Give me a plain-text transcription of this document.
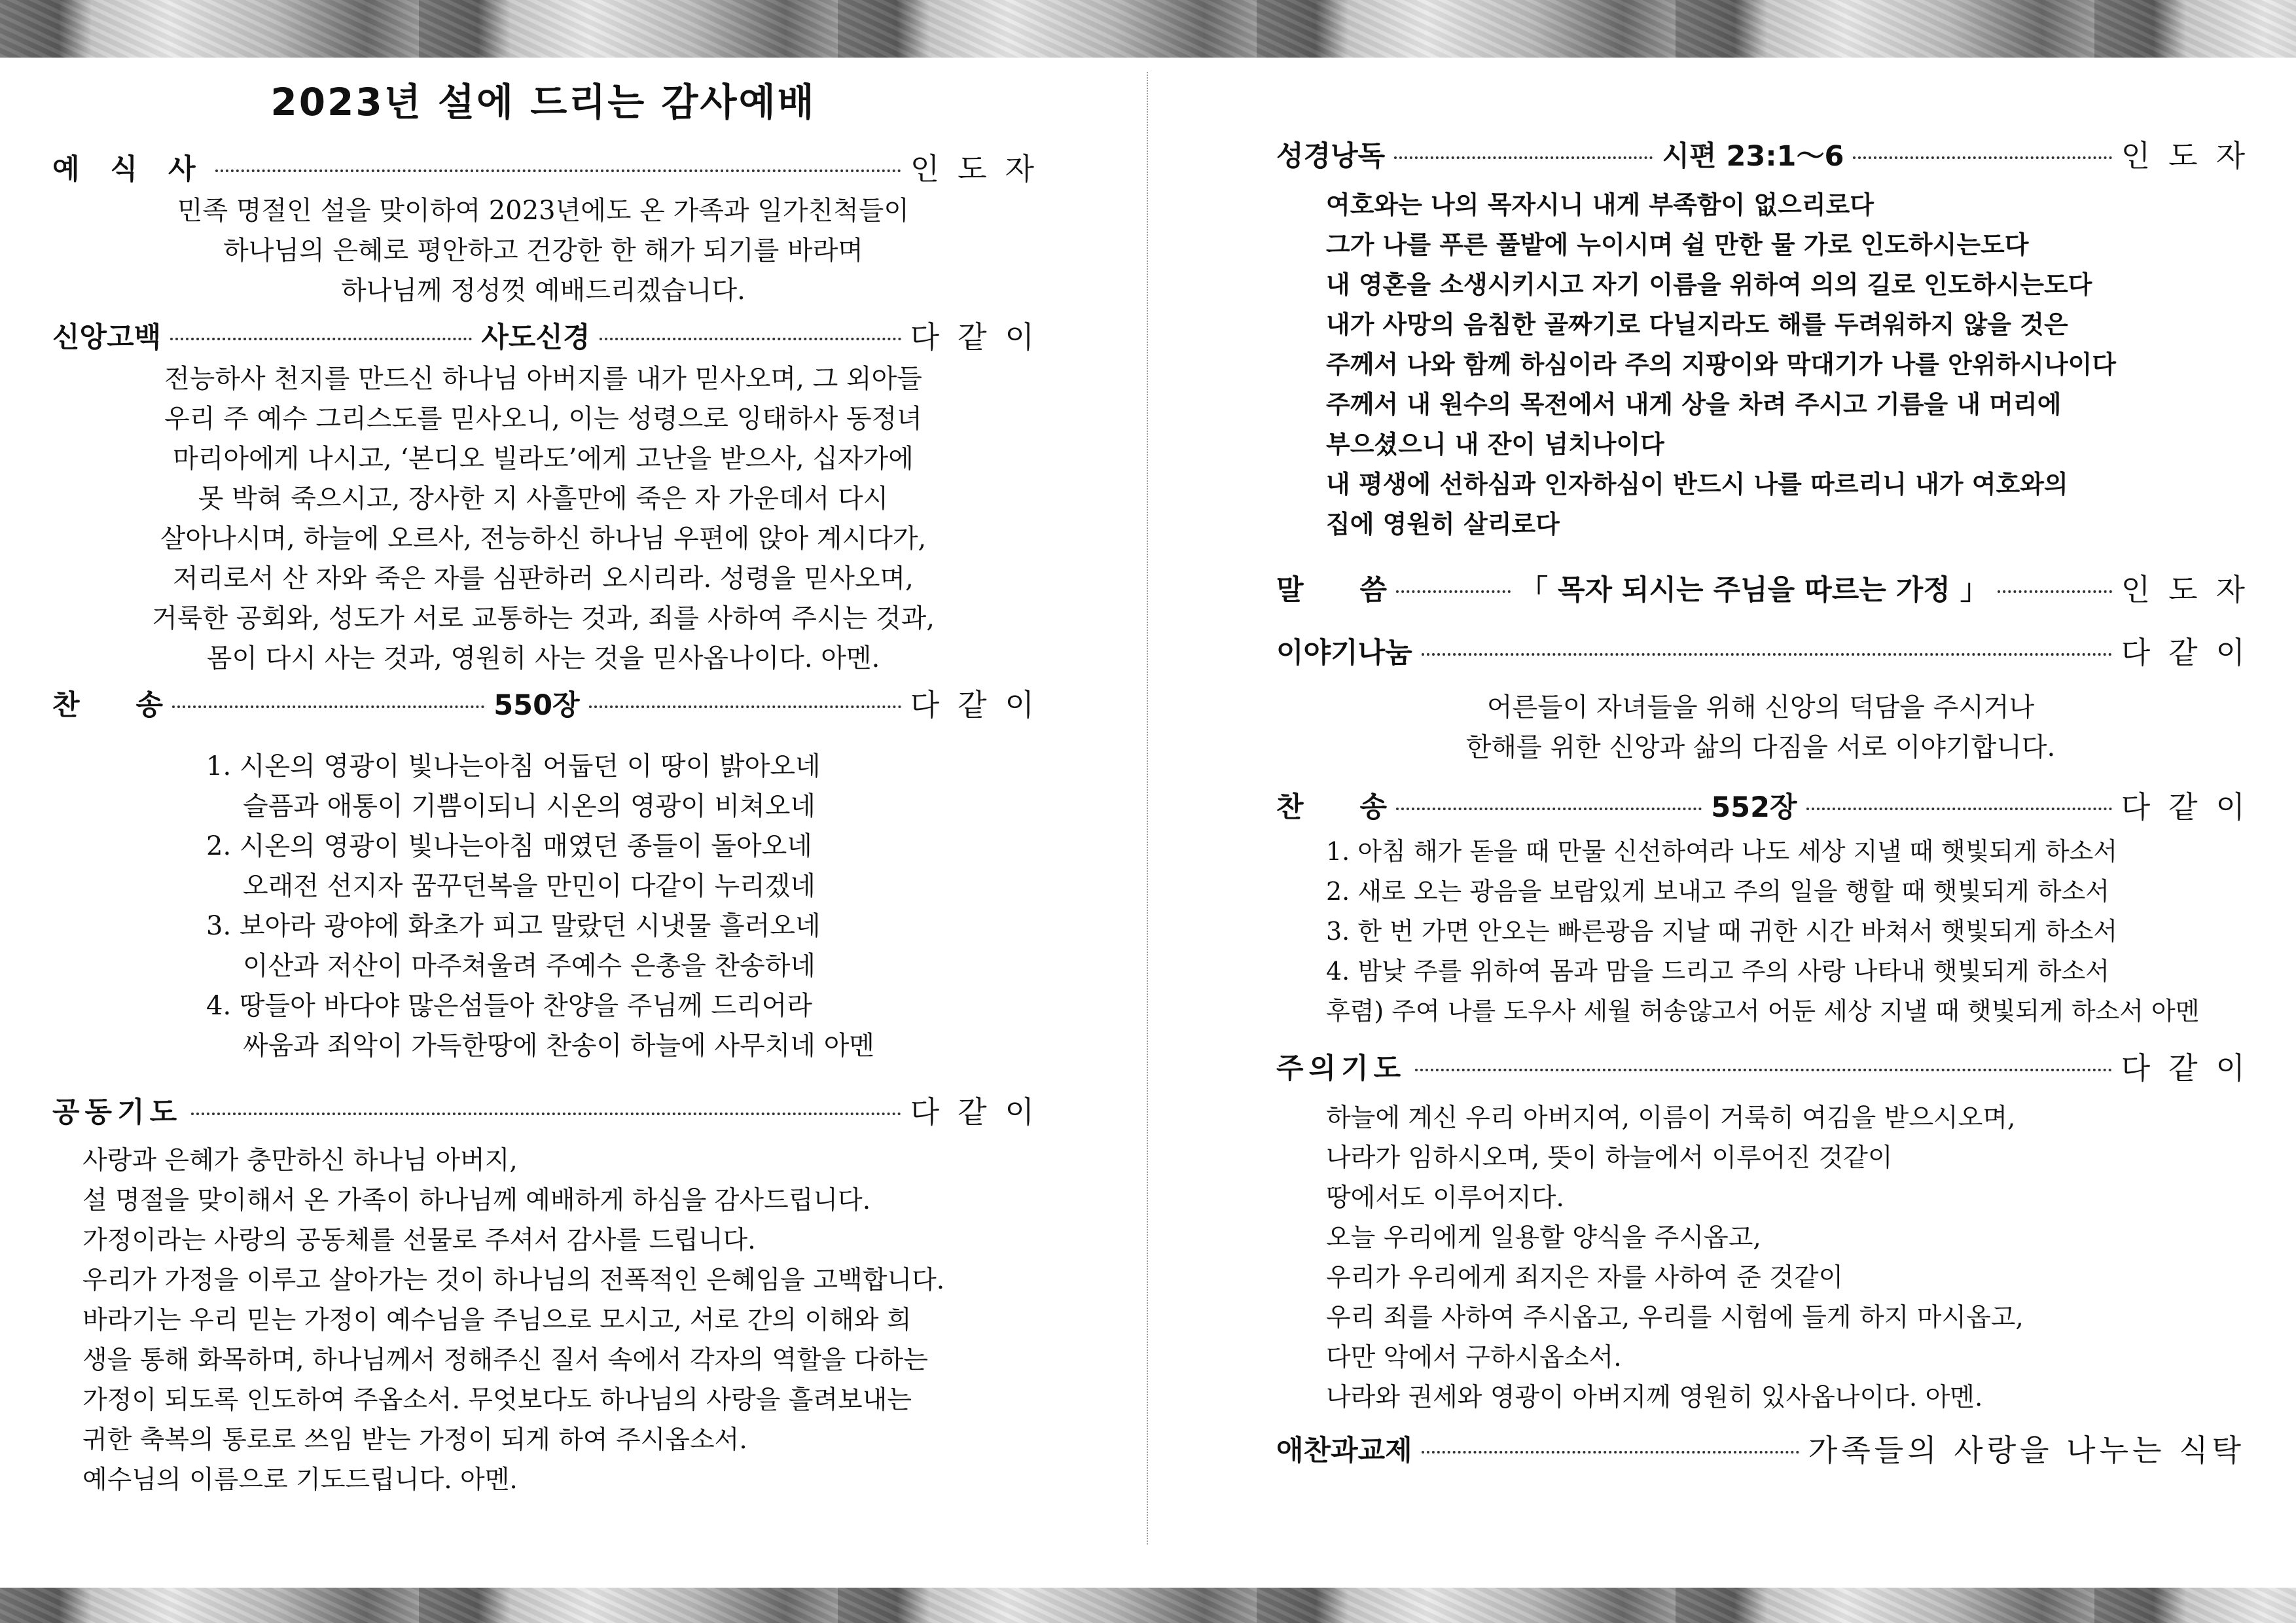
2023년 설에 드리는 감사예배
예 식 사	인도자
민족 명절인 설을 맞이하여 2023년에도 온 가족과 일가친척들이
하나님의 은혜로 평안하고 건강한 한 해가 되기를 바라며
하나님께 정성껏 예배드리겠습니다.
신앙고백	사도신경	다같이
전능하사 천지를 만드신 하나님 아버지를 내가 믿사오며, 그 외아들
우리 주 예수 그리스도를 믿사오니, 이는 성령으로 잉태하사 동정녀
마리아에게 나시고, ‘본디오 빌라도’에게 고난을 받으사, 십자가에
못 박혀 죽으시고, 장사한 지 사흘만에 죽은 자 가운데서 다시
살아나시며, 하늘에 오르사, 전능하신 하나님 우편에 앉아 계시다가,
저리로서 산 자와 죽은 자를 심판하러 오시리라. 성령을 믿사오며,
거룩한 공회와, 성도가 서로 교통하는 것과, 죄를 사하여 주시는 것과,
몸이 다시 사는 것과, 영원히 사는 것을 믿사옵나이다. 아멘.
찬　　송	550장	다같이
1. 시온의 영광이 빛나는아침 어둡던 이 땅이 밝아오네
슬픔과 애통이 기쁨이되니 시온의 영광이 비쳐오네
2. 시온의 영광이 빛나는아침 매였던 종들이 돌아오네
오래전 선지자 꿈꾸던복을 만민이 다같이 누리겠네
3. 보아라 광야에 화초가 피고 말랐던 시냇물 흘러오네
이산과 저산이 마주쳐울려 주예수 은총을 찬송하네
4. 땅들아 바다야 많은섬들아 찬양을 주님께 드리어라
싸움과 죄악이 가득한땅에 찬송이 하늘에 사무치네 아멘
공동기도	다같이
사랑과 은혜가 충만하신 하나님 아버지,
설 명절을 맞이해서 온 가족이 하나님께 예배하게 하심을 감사드립니다.
가정이라는 사랑의 공동체를 선물로 주셔서 감사를 드립니다.
우리가 가정을 이루고 살아가는 것이 하나님의 전폭적인 은혜임을 고백합니다.
바라기는 우리 믿는 가정이 예수님을 주님으로 모시고, 서로 간의 이해와 희
생을 통해 화목하며, 하나님께서 정해주신 질서 속에서 각자의 역할을 다하는
가정이 되도록 인도하여 주옵소서. 무엇보다도 하나님의 사랑을 흘려보내는
귀한 축복의 통로로 쓰임 받는 가정이 되게 하여 주시옵소서.
예수님의 이름으로 기도드립니다. 아멘.
성경낭독	시편 23:1～6	인도자
여호와는 나의 목자시니 내게 부족함이 없으리로다
그가 나를 푸른 풀밭에 누이시며 쉴 만한 물 가로 인도하시는도다
내 영혼을 소생시키시고 자기 이름을 위하여 의의 길로 인도하시는도다
내가 사망의 음침한 골짜기로 다닐지라도 해를 두려워하지 않을 것은
주께서 나와 함께 하심이라 주의 지팡이와 막대기가 나를 안위하시나이다
주께서 내 원수의 목전에서 내게 상을 차려 주시고 기름을 내 머리에
부으셨으니 내 잔이 넘치나이다
내 평생에 선하심과 인자하심이 반드시 나를 따르리니 내가 여호와의
집에 영원히 살리로다
말　　씀	「 목자 되시는 주님을 따르는 가정 」	인도자
이야기나눔	다같이
어른들이 자녀들을 위해 신앙의 덕담을 주시거나
한해를 위한 신앙과 삶의 다짐을 서로 이야기합니다.
찬　　송	552장	다같이
1. 아침 해가 돋을 때 만물 신선하여라 나도 세상 지낼 때 햇빛되게 하소서
2. 새로 오는 광음을 보람있게 보내고 주의 일을 행할 때 햇빛되게 하소서
3. 한 번 가면 안오는 빠른광음 지날 때 귀한 시간 바쳐서 햇빛되게 하소서
4. 밤낮 주를 위하여 몸과 맘을 드리고 주의 사랑 나타내 햇빛되게 하소서
후렴) 주여 나를 도우사 세월 허송않고서 어둔 세상 지낼 때 햇빛되게 하소서 아멘
주의기도	다같이
하늘에 계신 우리 아버지여, 이름이 거룩히 여김을 받으시오며,
나라가 임하시오며, 뜻이 하늘에서 이루어진 것같이
땅에서도 이루어지다.
오늘 우리에게 일용할 양식을 주시옵고,
우리가 우리에게 죄지은 자를 사하여 준 것같이
우리 죄를 사하여 주시옵고, 우리를 시험에 들게 하지 마시옵고,
다만 악에서 구하시옵소서.
나라와 권세와 영광이 아버지께 영원히 있사옵나이다. 아멘.
애찬과교제	가족들의 사랑을 나누는 식탁
